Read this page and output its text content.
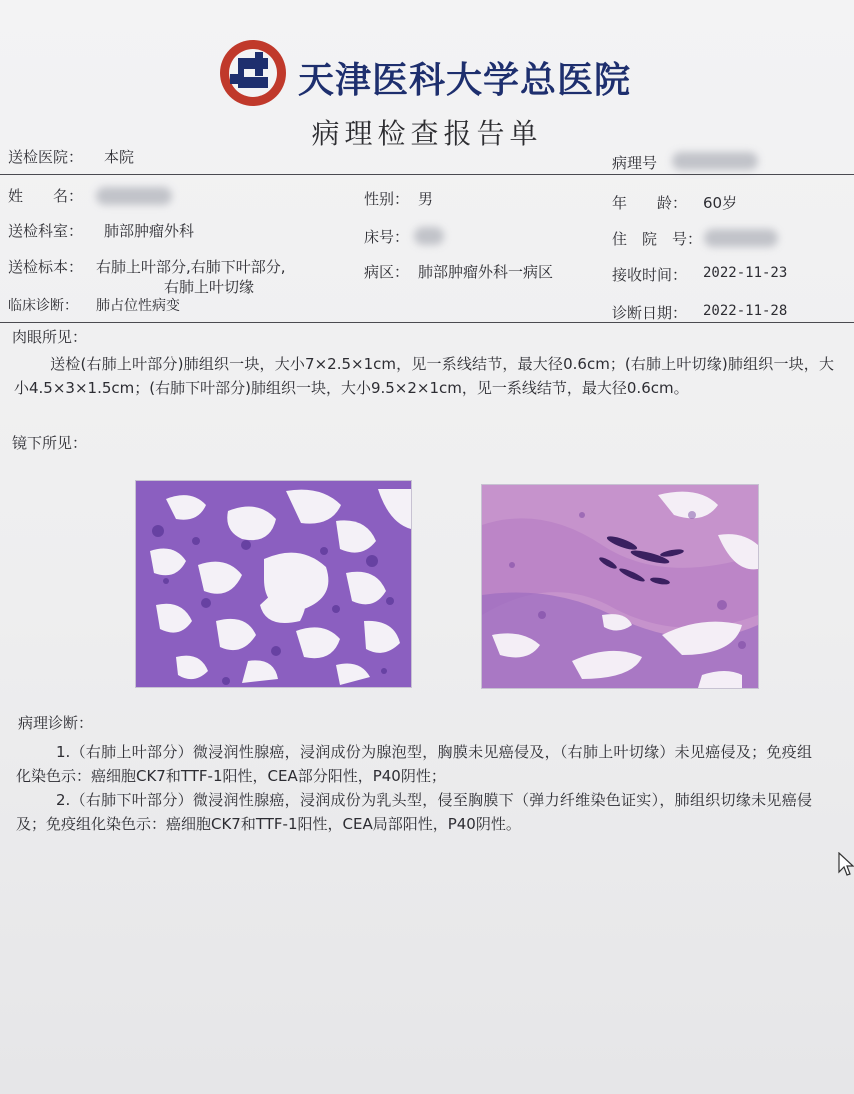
天津医科大学总医院
病理检查报告单
送检医院： 本院	病理号
姓　　名：	性别： 男	年　　龄： 60岁
送检科室： 肺部肿瘤外科	床号：	住　院　号：
送检标本： 右肺上叶部分,右肺下叶部分,
右肺上叶切缘
病区： 肺部肿瘤外科一病区	接收时间： 2022-11-23
临床诊断： 肺占位性病变	诊断日期： 2022-11-28
肉眼所见：
送检(右肺上叶部分)肺组织一块，大小7×2.5×1cm，见一系线结节，最大径0.6cm；(右肺上叶切缘)肺组织一块，大小4.5×3×1.5cm；(右肺下叶部分)肺组织一块，大小9.5×2×1cm，见一系线结节，最大径0.6cm。
镜下所见：
病理诊断：
1.（右肺上叶部分）微浸润性腺癌，浸润成份为腺泡型，胸膜未见癌侵及，（右肺上叶切缘）未见癌侵及；免疫组化染色示：癌细胞CK7和TTF-1阳性，CEA部分阳性，P40阴性；
2.（右肺下叶部分）微浸润性腺癌，浸润成份为乳头型，侵至胸膜下（弹力纤维染色证实），肺组织切缘未见癌侵及；免疫组化染色示：癌细胞CK7和TTF-1阳性，CEA局部阳性，P40阴性。
